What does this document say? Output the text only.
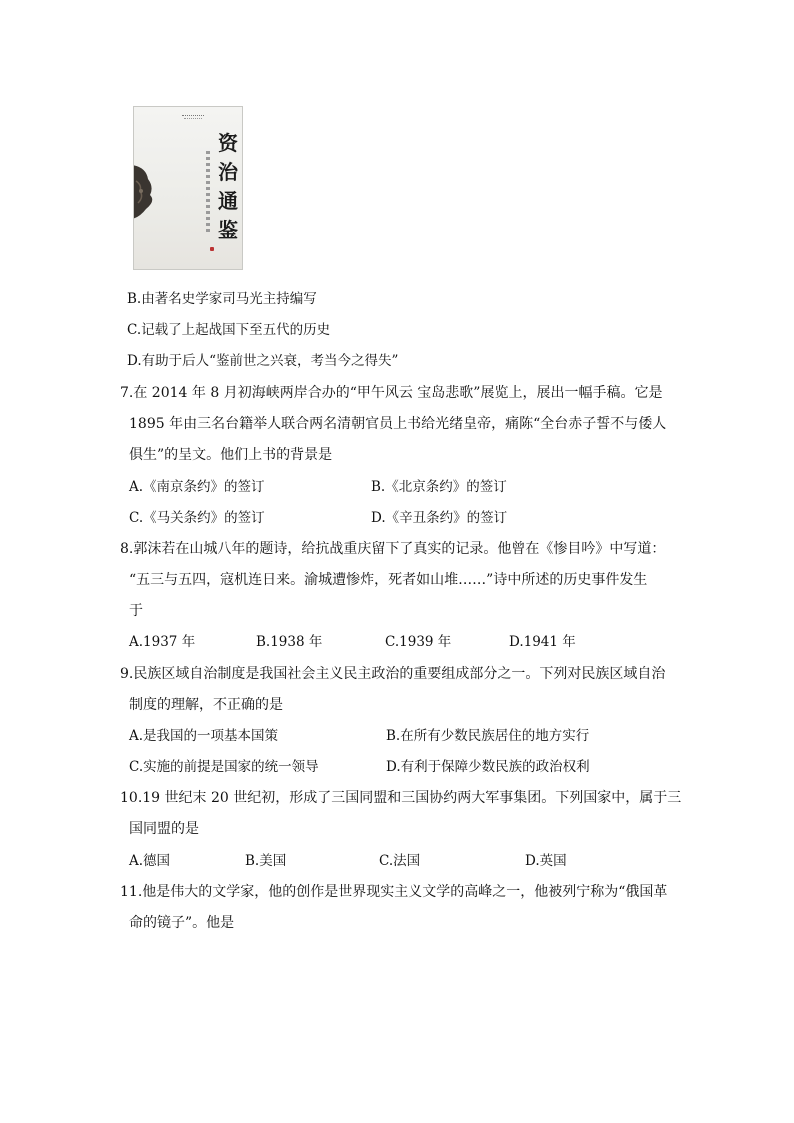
资
治
通
鉴
B.由著名史学家司马光主持编写
C.记载了上起战国下至五代的历史
D.有助于后人“鉴前世之兴衰，考当今之得失”
7.在 2014 年 8 月初海峡两岸合办的“甲午风云 宝岛悲歌”展览上，展出一幅手稿。它是
1895 年由三名台籍举人联合两名清朝官员上书给光绪皇帝，痛陈“全台赤子誓不与倭人
俱生”的呈文。他们上书的背景是
A.《南京条约》的签订	B.《北京条约》的签订
C.《马关条约》的签订	D.《辛丑条约》的签订
8.郭沫若在山城八年的题诗，给抗战重庆留下了真实的记录。他曾在《惨目吟》中写道：
“五三与五四，寇机连日来。渝城遭惨炸，死者如山堆……”诗中所述的历史事件发生
于
A.1937 年	B.1938 年	C.1939 年	D.1941 年
9.民族区域自治制度是我国社会主义民主政治的重要组成部分之一。下列对民族区域自治
制度的理解，不正确的是
A.是我国的一项基本国策	B.在所有少数民族居住的地方实行
C.实施的前提是国家的统一领导	D.有利于保障少数民族的政治权利
10.19 世纪末 20 世纪初，形成了三国同盟和三国协约两大军事集团。下列国家中，属于三
国同盟的是
A.德国	B.美国	C.法国	D.英国
11.他是伟大的文学家，他的创作是世界现实主义文学的高峰之一，他被列宁称为“俄国革
命的镜子”。他是
